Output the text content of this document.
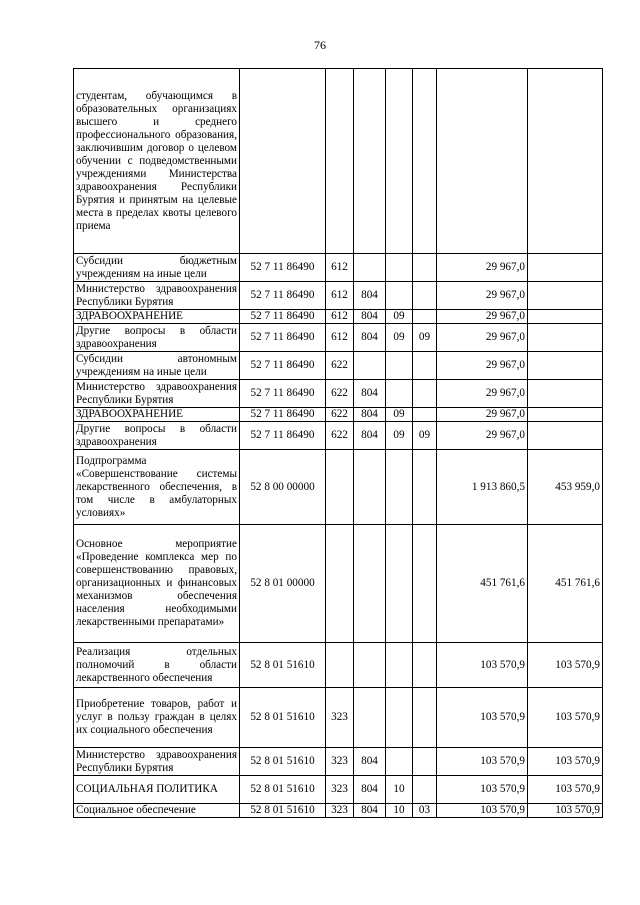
76
студентам, обучающимся в образовательных организациях высшего и среднего профессионального образования, заключившим договор о целевом обучении с подведомственными учреждениями Министерства здравоохранения Республики Бурятия и принятым на целевые места в пределах квоты целевого приема							
Субсидии бюджетным учреждениям на иные цели	52 7 11 86490	612				29 967,0	
Министерство здравоохранения Республики Бурятия	52 7 11 86490	612	804			29 967,0	
ЗДРАВООХРАНЕНИЕ	52 7 11 86490	612	804	09		29 967,0	
Другие вопросы в области здравоохранения	52 7 11 86490	612	804	09	09	29 967,0	
Субсидии автономным учреждениям на иные цели	52 7 11 86490	622				29 967,0	
Министерство здравоохранения Республики Бурятия	52 7 11 86490	622	804			29 967,0	
ЗДРАВООХРАНЕНИЕ	52 7 11 86490	622	804	09		29 967,0	
Другие вопросы в области здравоохранения	52 7 11 86490	622	804	09	09	29 967,0	
Подпрограмма «Совершенствование системы лекарственного обеспечения, в том числе в амбулаторных условиях»	52 8 00 00000					1 913 860,5	453 959,0
Основное мероприятие «Проведение комплекса мер по совершенствованию правовых, организационных и финансовых механизмов обеспечения населения необходимыми лекарственными препаратами»	52 8 01 00000					451 761,6	451 761,6
Реализация отдельных полномочий в области лекарственного обеспечения	52 8 01 51610					103 570,9	103 570,9
Приобретение товаров, работ и услуг в пользу граждан в целях их социального обеспечения	52 8 01 51610	323				103 570,9	103 570,9
Министерство здравоохранения Республики Бурятия	52 8 01 51610	323	804			103 570,9	103 570,9
СОЦИАЛЬНАЯ ПОЛИТИКА	52 8 01 51610	323	804	10		103 570,9	103 570,9
Социальное обеспечение	52 8 01 51610	323	804	10	03	103 570,9	103 570,9
